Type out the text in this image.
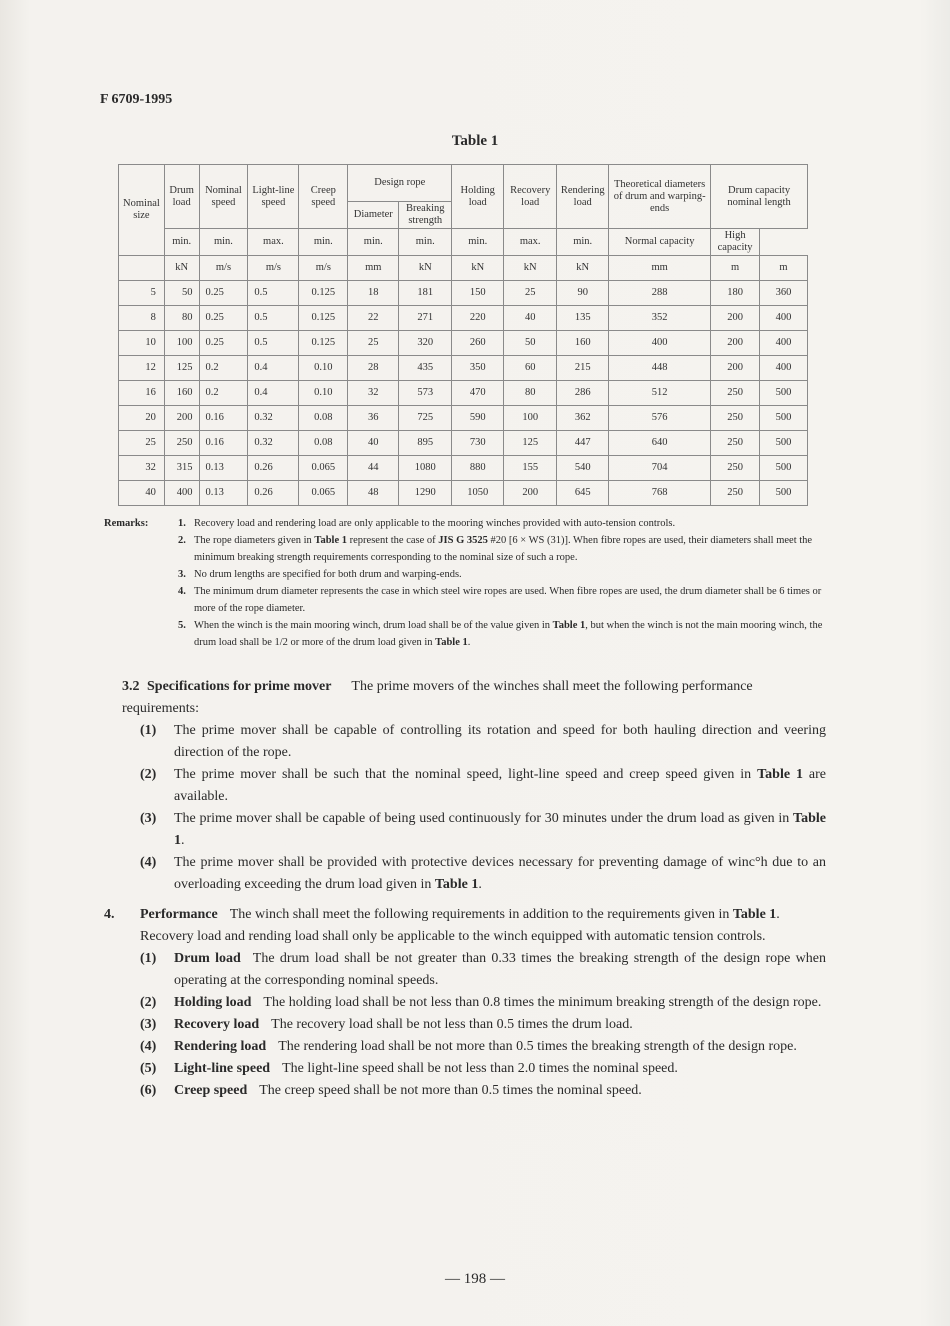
F 6709-1995
Table 1
Nominal size	Drum load	Nominal speed	Light-line speed	Creep speed	Design rope		Holding load	Recovery load	Rendering load	Theoretical diameters of drum and warping-ends	Drum capacity nominal length	
					Diameter	Breaking strength						
	min.	min.	max.	min.	min.	min.	min.	max.	min.	Normal capacity	High capacity	
	kN	m/s	m/s	m/s	mm	kN	kN	kN	kN	mm	m	m
5	50	0.25	0.5	0.125	18	181	150	25	90	288	180	360
8	80	0.25	0.5	0.125	22	271	220	40	135	352	200	400
10	100	0.25	0.5	0.125	25	320	260	50	160	400	200	400
12	125	0.2	0.4	0.10	28	435	350	60	215	448	200	400
16	160	0.2	0.4	0.10	32	573	470	80	286	512	250	500
20	200	0.16	0.32	0.08	36	725	590	100	362	576	250	500
25	250	0.16	0.32	0.08	40	895	730	125	447	640	250	500
32	315	0.13	0.26	0.065	44	1080	880	155	540	704	250	500
40	400	0.13	0.26	0.065	48	1290	1050	200	645	768	250	500
Remarks:	1. Recovery load and rendering load are only applicable to the mooring winches provided with auto-tension controls.
2. The rope diameters given in Table 1 represent the case of JIS G 3525 #20 [6 × WS (31)]. When fibre ropes are used, their diameters shall meet the minimum breaking strength requirements corresponding to the nominal size of such a rope.
3. No drum lengths are specified for both drum and warping-ends.
4. The minimum drum diameter represents the case in which steel wire ropes are used. When fibre ropes are used, the drum diameter shall be 6 times or more of the rope diameter.
5. When the winch is the main mooring winch, drum load shall be of the value given in Table 1, but when the winch is not the main mooring winch, the drum load shall be 1/2 or more of the drum load given in Table 1.
3.2 Specifications for prime mover The prime movers of the winches shall meet the following performance requirements:
(1) The prime mover shall be capable of controlling its rotation and speed for both hauling direction and veering direction of the rope.
(2) The prime mover shall be such that the nominal speed, light-line speed and creep speed given in Table 1 are available.
(3) The prime mover shall be capable of being used continuously for 30 minutes under the drum load as given in Table 1.
(4) The prime mover shall be provided with protective devices necessary for preventing damage of winc°h due to an overloading exceeding the drum load given in Table 1.
4. Performance The winch shall meet the following requirements in addition to the requirements given in Table 1.
Recovery load and rending load shall only be applicable to the winch equipped with automatic tension controls.
(1) Drum load The drum load shall be not greater than 0.33 times the breaking strength of the design rope when operating at the corresponding nominal speeds.
(2) Holding load The holding load shall be not less than 0.8 times the minimum breaking strength of the design rope.
(3) Recovery load The recovery load shall be not less than 0.5 times the drum load.
(4) Rendering load The rendering load shall be not more than 0.5 times the breaking strength of the design rope.
(5) Light-line speed The light-line speed shall be not less than 2.0 times the nominal speed.
(6) Creep speed The creep speed shall be not more than 0.5 times the nominal speed.
— 198 —
